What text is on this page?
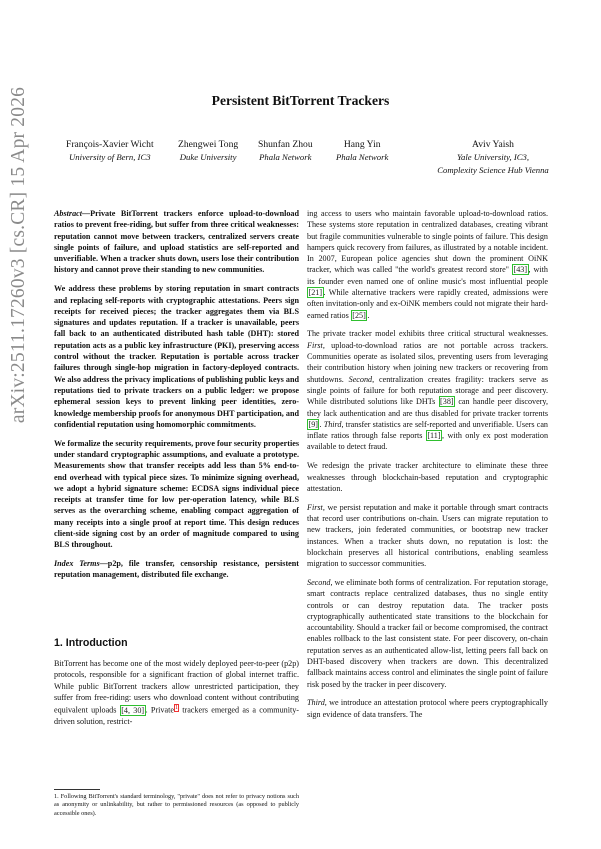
arXiv:2511.17260v3 [cs.CR] 15 Apr 2026	Persistent BitTorrent Trackers
François-Xavier Wicht
University of Bern, IC3
Zhengwei Tong
Duke University
Shunfan Zhou
Phala Network
Hang Yin
Phala Network
Aviv Yaish
Yale University, IC3,
Complexity Science Hub Vienna

Abstract—Private BitTorrent trackers enforce upload-to-download ratios to prevent free-riding, but suffer from three critical weaknesses: reputation cannot move between trackers, centralized servers create single points of failure, and upload statistics are self-reported and unverifiable. When a tracker shuts down, users lose their contribution history and cannot prove their standing to new communities.

We address these problems by storing reputation in smart contracts and replacing self-reports with cryptographic attestations. Peers sign receipts for received pieces; the tracker aggregates them via BLS signatures and updates reputation. If a tracker is unavailable, peers fall back to an authenticated distributed hash table (DHT): stored reputation acts as a public key infrastructure (PKI), preserving access control without the tracker. Reputation is portable across tracker failures through single-hop migration in factory-deployed contracts. We also address the privacy implications of publishing public keys and reputations tied to private trackers on a public ledger: we propose ephemeral session keys to prevent linking peer identities, zero-knowledge membership proofs for anonymous DHT participation, and confidential reputation using homomorphic commitments.

We formalize the security requirements, prove four security properties under standard cryptographic assumptions, and evaluate a prototype. Measurements show that transfer receipts add less than 5% end-to-end overhead with typical piece sizes. To minimize signing overhead, we adopt a hybrid signature scheme: ECDSA signs individual piece receipts at transfer time for low per-operation latency, while BLS serves as the overarching scheme, enabling compact aggregation of many receipts into a single proof at report time. This design reduces client-side signing cost by an order of magnitude compared to using BLS throughout.

Index Terms—p2p, file transfer, censorship resistance, persistent reputation management, distributed file exchange.

1. Introduction

BitTorrent has become one of the most widely deployed peer-to-peer (p2p) protocols, responsible for a significant fraction of global internet traffic. While public BitTorrent trackers allow unrestricted participation, they suffer from free-riding: users who download content without contributing equivalent uploads [4, 30] . Private$^1$ trackers emerged as a community-driven solution, restrict-

1. Following BitTorrent's standard terminology, "private" does not refer to privacy notions such as anonymity or unlinkability, but rather to permissioned resources (as opposed to publicly accessible ones).

ing access to users who maintain favorable upload-to-download ratios. These systems store reputation in centralized databases, creating vibrant but fragile communities vulnerable to single points of failure. This design hampers quick recovery from failures, as illustrated by a notable incident. In 2007, European police agencies shut down the prominent OiNK tracker, which was called "the world's greatest record store" [43] , with its founder even named one of online music's most influential people [21] . While alternative trackers were rapidly created, admissions were often invitation-only and ex-OiNK members could not migrate their hard-earned ratios [25] .

The private tracker model exhibits three critical structural weaknesses. First, upload-to-download ratios are not portable across trackers. Communities operate as isolated silos, preventing users from leveraging their contribution history when joining new trackers or recovering from shutdowns. Second, centralization creates fragility: trackers serve as single points of failure for both reputation storage and peer discovery. While distributed solutions like DHTs [38] can handle peer discovery, they lack authentication and are thus disabled for private tracker torrents [9] . Third, transfer statistics are self-reported and unverifiable. Users can inflate ratios through false reports [11] , with only ex post moderation available to detect fraud.

We redesign the private tracker architecture to eliminate these three weaknesses through blockchain-based reputation and cryptographic attestation.

First, we persist reputation and make it portable through smart contracts that record user contributions on-chain. Users can migrate reputation to new trackers, join federated communities, or bootstrap new tracker instances. When a tracker shuts down, no reputation is lost: the blockchain preserves all historical contributions, enabling seamless migration to successor communities.

Second, we eliminate both forms of centralization. For reputation storage, smart contracts replace centralized databases, thus no single entity controls or can destroy reputation data. The tracker posts cryptographically authenticated state transitions to the blockchain for accountability. Should a tracker fail or become compromised, the contract enables rollback to the last consistent state. For peer discovery, on-chain reputation serves as an authenticated allow-list, letting peers fall back on DHT-based discovery when trackers are down. This decentralized fallback maintains access control and eliminates the single point of failure risk posed by the tracker in peer discovery.

Third, we introduce an attestation protocol where peers cryptographically sign evidence of data transfers. The
